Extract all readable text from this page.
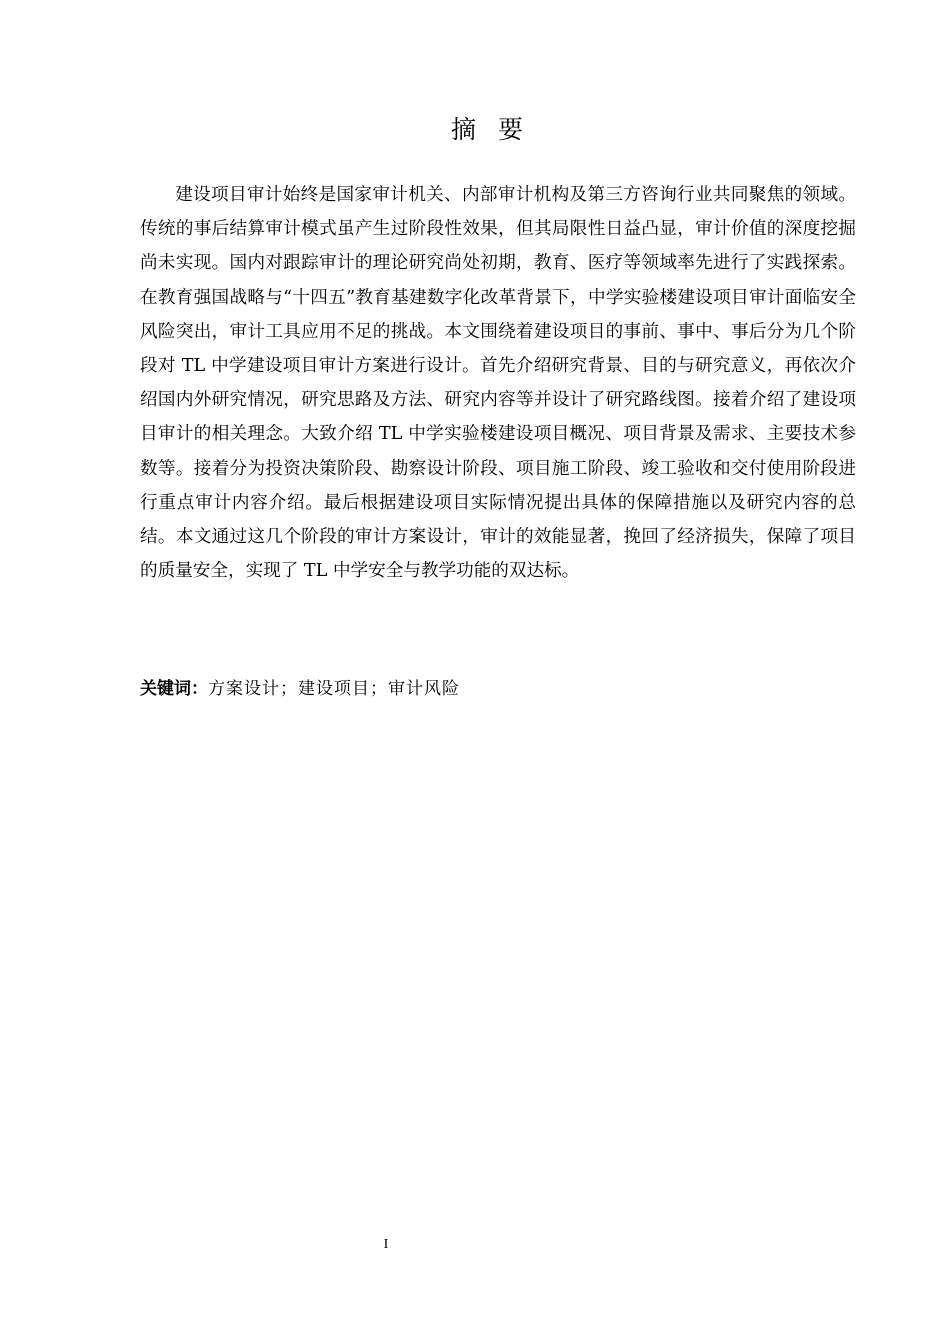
摘要

建设项目审计始终是国家审计机关、内部审计机构及第三方咨询行业共同聚焦的领域。传统的事后结算审计模式虽产生过阶段性效果，但其局限性日益凸显，审计价值的深度挖掘尚未实现。国内对跟踪审计的理论研究尚处初期，教育、医疗等领域率先进行了实践探索。在教育强国战略与“十四五”教育基建数字化改革背景下，中学实验楼建设项目审计面临安全风险突出，审计工具应用不足的挑战。本文围绕着建设项目的事前、事中、事后分为几个阶段对 TL 中学建设项目审计方案进行设计。首先介绍研究背景、目的与研究意义，再依次介绍国内外研究情况，研究思路及方法、研究内容等并设计了研究路线图。接着介绍了建设项目审计的相关理念。大致介绍 TL 中学实验楼建设项目概况、项目背景及需求、主要技术参数等。接着分为投资决策阶段、勘察设计阶段、项目施工阶段、竣工验收和交付使用阶段进行重点审计内容介绍。最后根据建设项目实际情况提出具体的保障措施以及研究内容的总结。本文通过这几个阶段的审计方案设计，审计的效能显著，挽回了经济损失，保障了项目的质量安全，实现了 TL 中学安全与教学功能的双达标。

关键词：方案设计；建设项目；审计风险
I
